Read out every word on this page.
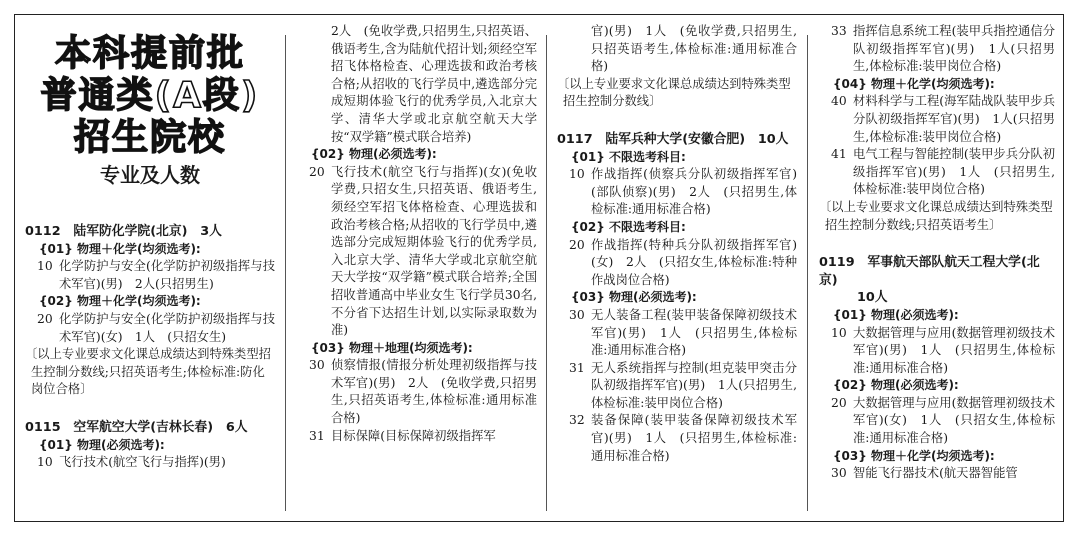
本科提前批
普通类(A段)
招生院校
专业及人数
0112　陆军防化学院(北京)　3人
{01} 物理＋化学(均须选考):
10 化学防护与安全(化学防护初级指挥与技术军官)(男)　2人(只招男生)
{02} 物理＋化学(均须选考):
20 化学防护与安全(化学防护初级指挥与技术军官)(女)　1人　(只招女生)
〔以上专业要求文化课总成绩达到特殊类型招生控制分数线;只招英语考生;体检标准:防化岗位合格〕
0115　空军航空大学(吉林长春)　6人
{01} 物理(必须选考):
10 飞行技术(航空飞行与指挥)(男)
2人　(免收学费,只招男生,只招英语、俄语考生,含为陆航代招计划;须经空军招飞体格检查、心理选拔和政治考核合格;从招收的飞行学员中,遴选部分完成短期体验飞行的优秀学员,入北京大学、清华大学或北京航空航天大学按“双学籍”模式联合培养)
{02} 物理(必须选考):
20 飞行技术(航空飞行与指挥)(女)(免收学费,只招女生,只招英语、俄语考生,须经空军招飞体格检查、心理选拔和政治考核合格;从招收的飞行学员中,遴选部分完成短期体验飞行的优秀学员,入北京大学、清华大学或北京航空航天大学按“双学籍”模式联合培养;全国招收普通高中毕业女生飞行学员30名,不分省下达招生计划,以实际录取数为准)
{03} 物理＋地理(均须选考):
30 侦察情报(情报分析处理初级指挥与技术军官)(男)　2人　(免收学费,只招男生,只招英语考生,体检标准:通用标准合格)
31 目标保障(目标保障初级指挥军
官)(男)　1人　(免收学费,只招男生,只招英语考生,体检标准:通用标准合格)
〔以上专业要求文化课总成绩达到特殊类型招生控制分数线〕
0117　陆军兵种大学(安徽合肥)　10人
{01} 不限选考科目:
10 作战指挥(侦察兵分队初级指挥军官)(部队侦察)(男)　2人　(只招男生,体检标准:通用标准合格)
{02} 不限选考科目:
20 作战指挥(特种兵分队初级指挥军官)(女)　2人　(只招女生,体检标准:特种作战岗位合格)
{03} 物理(必须选考):
30 无人装备工程(装甲装备保障初级技术军官)(男)　1人　(只招男生,体检标准:通用标准合格)
31 无人系统指挥与控制(坦克装甲突击分队初级指挥军官)(男)　1人(只招男生,体检标准:装甲岗位合格)
32 装备保障(装甲装备保障初级技术军官)(男)　1人　(只招男生,体检标准:通用标准合格)
33 指挥信息系统工程(装甲兵指控通信分队初级指挥军官)(男)　1人(只招男生,体检标准:装甲岗位合格)
{04} 物理＋化学(均须选考):
40 材料科学与工程(海军陆战队装甲步兵分队初级指挥军官)(男)　1人(只招男生,体检标准:装甲岗位合格)
41 电气工程与智能控制(装甲步兵分队初级指挥军官)(男)　1人　(只招男生,体检标准:装甲岗位合格)
〔以上专业要求文化课总成绩达到特殊类型招生控制分数线;只招英语考生〕
0119　军事航天部队航天工程大学(北京)
10人
{01} 物理(必须选考):
10 大数据管理与应用(数据管理初级技术军官)(男)　1人　(只招男生,体检标准:通用标准合格)
{02} 物理(必须选考):
20 大数据管理与应用(数据管理初级技术军官)(女)　1人　(只招女生,体检标准:通用标准合格)
{03} 物理＋化学(均须选考):
30 智能飞行器技术(航天器智能管
